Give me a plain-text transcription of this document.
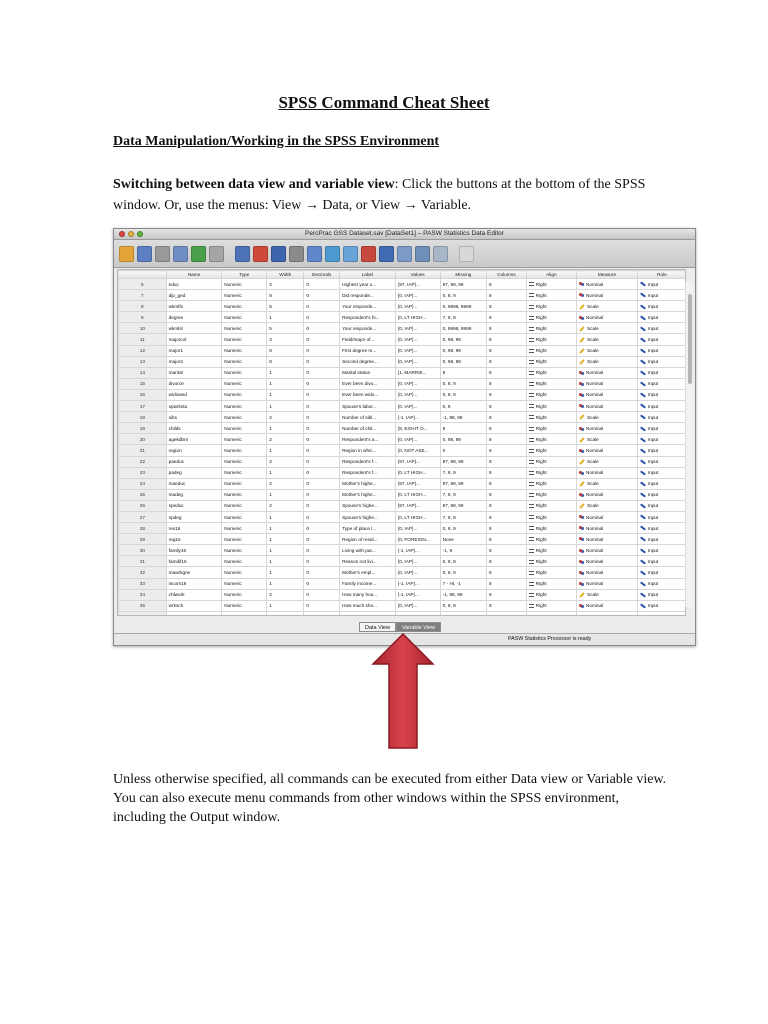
SPSS Command Cheat Sheet
Data Manipulation/Working in the SPSS Environment
Switching between data view and variable view: Click the buttons at the bottom of the SPSS window. Or, use the menus: View → Data, or View → Variable.
PercPrac GSS Dataset.sav [DataSet1] – PASW Statistics Data Editor
	Name	Type	Width	Decimals	Label	Values	Missing	Columns	Align	Measure	Role
6	educ	Numeric	2	0	Highest year o...	{97, IAP}...	97, 98, 99	8	Right	Nominal	Input
7	dip_ged	Numeric	8	0	Did responde...	{0, IAP}...	0, 8, 9	8	Right	Nominal	Input
8	wkrslfs	Numeric	5	0	Your responde...	{0, IAP}...	0, 9998, 9999	8	Right	Scale	Input
9	degree	Numeric	1	0	Respondent's hi...	{0, LT HIGH...	7, 8, 9	8	Right	Nominal	Input
10	wkrslsl	Numeric	5	0	Your responde...	{0, IAP}...	0, 9998, 9999	8	Right	Scale	Input
11	majorcol	Numeric	3	0	Field/major of...	{0, IAP}...	0, 98, 99	8	Right	Scale	Input
12	major1	Numeric	8	0	First degree m...	{0, IAP}...	0, 98, 99	8	Right	Scale	Input
13	major2	Numeric	8	0	Second degree...	{0, IAP}...	0, 98, 99	8	Right	Scale	Input
14	marital	Numeric	1	0	Marital status	{1, MARRIE...	9	8	Right	Nominal	Input
15	divorce	Numeric	1	0	Ever been divo...	{0, IAP}...	0, 8, 9	8	Right	Nominal	Input
16	widowed	Numeric	1	0	Ever been wido...	{0, IAP}...	0, 8, 9	8	Right	Nominal	Input
17	spwrksta	Numeric	1	0	Spouse's labor...	{0, IAP}...	0, 9	8	Right	Nominal	Input
18	sibs	Numeric	2	0	Number of sibl...	{-1, IAP}...	-1, 98, 99	8	Right	Scale	Input
19	childs	Numeric	1	0	Number of chil...	{8, EIGHT O...	9	8	Right	Nominal	Input
20	agekdbrn	Numeric	2	0	Respondent's a...	{0, IAP}...	0, 98, 99	8	Right	Scale	Input
21	region	Numeric	1	0	Region in whic...	{0, NOT ASE...	0	8	Right	Nominal	Input
22	paeduc	Numeric	2	0	Respondent's f...	{97, IAP}...	97, 98, 99	8	Right	Scale	Input
23	padeg	Numeric	1	0	Respondent's f...	{0, LT HIGH...	7, 8, 9	8	Right	Nominal	Input
24	maeduc	Numeric	2	0	Mother's highe...	{97, IAP}...	97, 98, 99	8	Right	Scale	Input
25	madeg	Numeric	1	0	Mother's highe...	{0, LT HIGH...	7, 8, 9	8	Right	Nominal	Input
26	speduc	Numeric	2	0	Spouse's highe...	{97, IAP}...	97, 98, 99	8	Right	Scale	Input
27	spdeg	Numeric	1	0	Spouse's highe...	{0, LT HIGH...	7, 8, 9	8	Right	Nominal	Input
28	res16	Numeric	1	0	Type of place l...	{0, IAP}...	0, 8, 9	8	Right	Nominal	Input
29	reg16	Numeric	1	0	Region of resid...	{0, FOREIGN...	None	8	Right	Nominal	Input
30	family16	Numeric	1	0	Living with par...	{-1, IAP}...	-1, 9	8	Right	Nominal	Input
31	famdif16	Numeric	1	0	Reason not livi...	{0, IAP}...	0, 8, 9	8	Right	Nominal	Input
32	mawrkgrw	Numeric	1	0	Mother's empl...	{0, IAP}...	0, 8, 9	8	Right	Nominal	Input
33	incom16	Numeric	1	0	Family income...	{-1, IAP}...	7 - HI, -1	8	Right	Nominal	Input
34	chlwork	Numeric	2	0	How many hou...	{-1, IAP}...	-1, 98, 99	8	Right	Scale	Input
35	wrksch	Numeric	1	0	How much sho...	{0, IAP}...	0, 8, 9	8	Right	Nominal	Input

Data View	Variable View
PASW Statistics Processor is ready
Unless otherwise specified, all commands can be executed from either Data view or Variable view. You can also execute menu commands from other windows within the SPSS environment, including the Output window.
